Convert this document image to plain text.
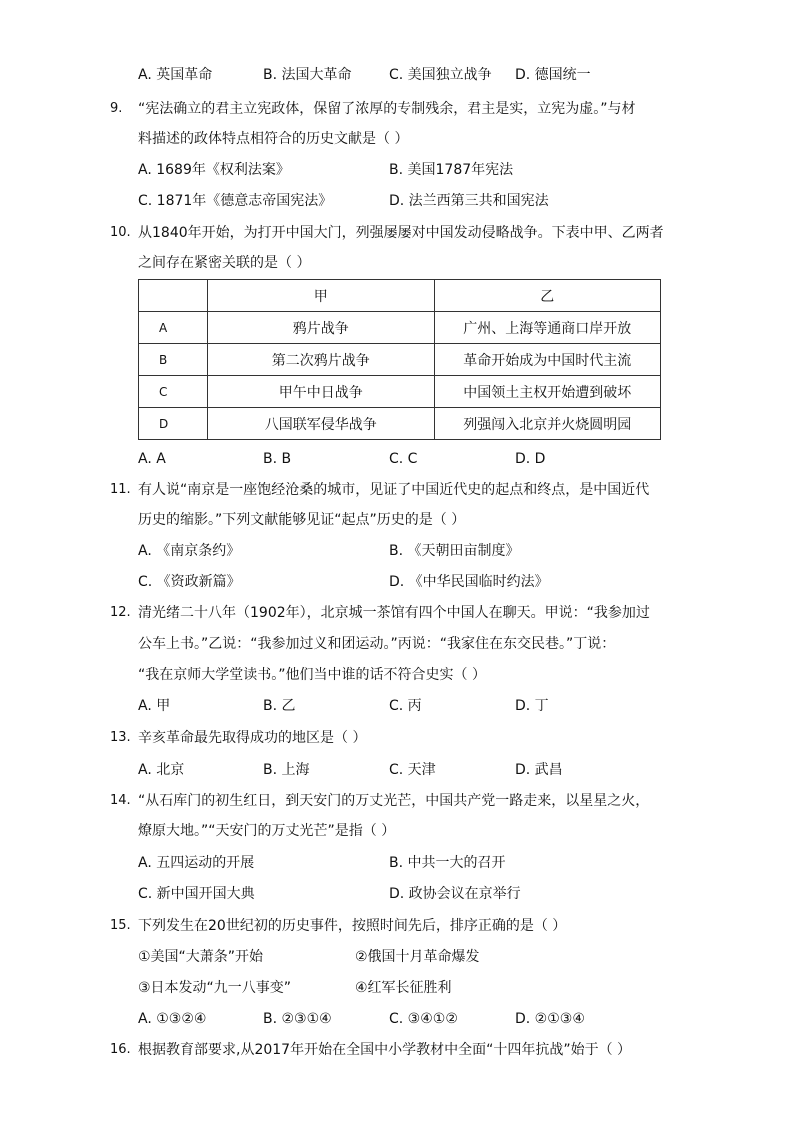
A. 英国革命	B. 法国大革命	C. 美国独立战争 D. 德国统一
9. “宪法确立的君主立宪政体，保留了浓厚的专制残余，君主是实，立宪为虚。”与材
料描述的政体特点相符合的历史文献是（ ）
A. 1689年《权利法案》	B. 美国1787年宪法
C. 1871年《德意志帝国宪法》	D. 法兰西第三共和国宪法
10. 从1840年开始，为打开中国大门，列强屡屡对中国发动侵略战争。下表中甲、乙两者
之间存在紧密关联的是（ ）
	甲	乙
A	鸦片战争	广州、上海等通商口岸开放
B	第二次鸦片战争	革命开始成为中国时代主流
C	甲午中日战争	中国领土主权开始遭到破坏
D	八国联军侵华战争	列强闯入北京并火烧圆明园
A. A	B. B	C. C	D. D
11. 有人说“南京是一座饱经沧桑的城市，见证了中国近代史的起点和终点，是中国近代
历史的缩影。”下列文献能够见证“起点”历史的是（ ）
A. 《南京条约》	B. 《天朝田亩制度》
C. 《资政新篇》	D. 《中华民国临时约法》
12. 清光绪二十八年（1902年），北京城一茶馆有四个中国人在聊天。甲说：“我参加过
公车上书。”乙说：“我参加过义和团运动。”丙说：“我家住在东交民巷。”丁说：
“我在京师大学堂读书。”他们当中谁的话不符合史实（ ）
A. 甲	B. 乙	C. 丙	D. 丁
13. 辛亥革命最先取得成功的地区是（ ）
A. 北京	B. 上海	C. 天津	D. 武昌
14. “从石库门的初生红日，到天安门的万丈光芒，中国共产党一路走来，以星星之火，
燎原大地。”“天安门的万丈光芒”是指（ ）
A. 五四运动的开展	B. 中共一大的召开
C. 新中国开国大典	D. 政协会议在京举行
15. 下列发生在20世纪初的历史事件，按照时间先后，排序正确的是（ ）
①美国“大萧条”开始	②俄国十月革命爆发
③日本发动“九一八事变”	④红军长征胜利
A. ①③②④	B. ②③①④	C. ③④①②	D. ②①③④
16. 根据教育部要求,从2017年开始在全国中小学教材中全面“十四年抗战”始于（ ）
